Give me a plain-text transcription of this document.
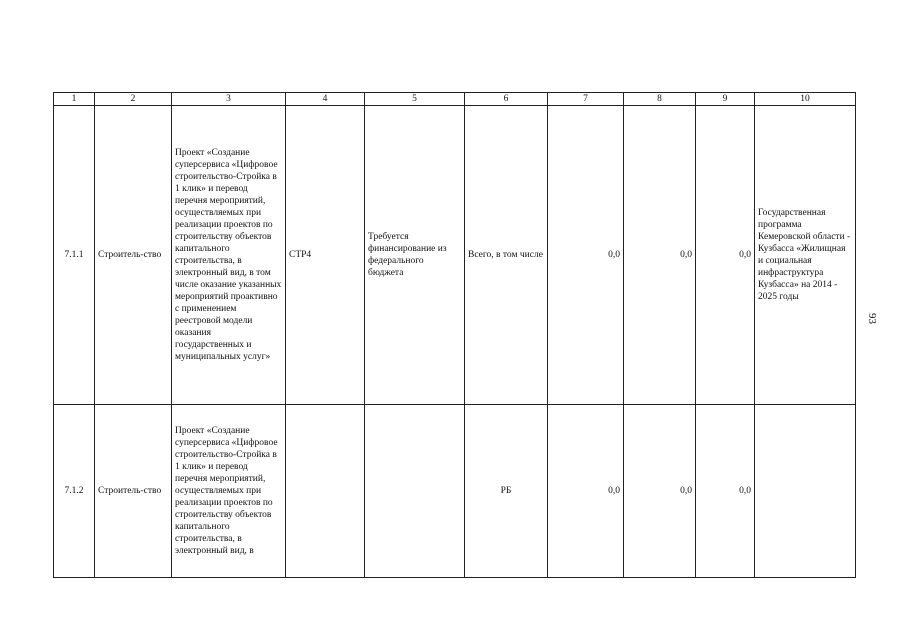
1	2	3	4	5	6	7	8	9	10
7.1.1	Строитель-ство	Проект «Создание суперсервиса «Цифровое строительство-Стройка в 1 клик» и перевод перечня мероприятий, осуществляемых при реализации проектов по строительству объектов капитального строительства, в электронный вид, в том числе оказание указанных мероприятий проактивно с применением реестровой модели оказания государственных и муниципальных услуг»	СТР4	Требуется финансирование из федерального бюджета	Всего, в том числе	0,0	0,0	0,0	Государственная программа Кемеровской области - Кузбасса «Жилищная и социальная инфраструктура Кузбасса» на 2014 - 2025 годы
7.1.2	Строитель-ство	Проект «Создание суперсервиса «Цифровое строительство-Стройка в 1 клик» и перевод перечня мероприятий, осуществляемых при реализации проектов по строительству объектов капитального строительства, в электронный вид, в			РБ	0,0	0,0	0,0	
93
